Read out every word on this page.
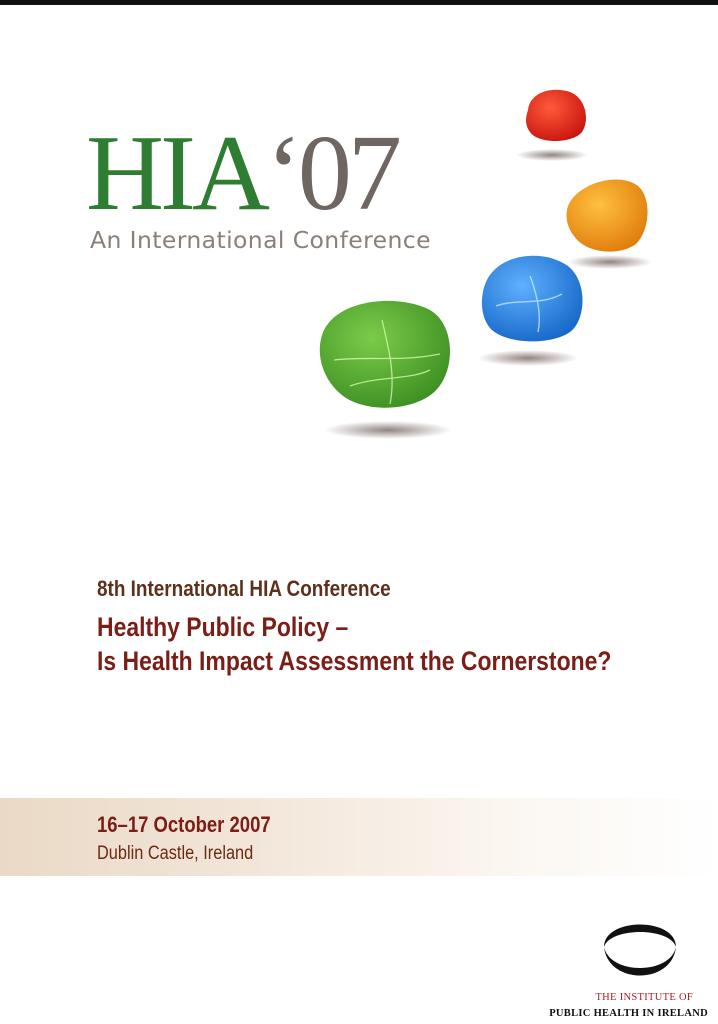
HIA‘07
An International Conference
8th International HIA Conference
Healthy Public Policy –
Is Health Impact Assessment the Cornerstone?
16–17 October 2007
Dublin Castle, Ireland
THE INSTITUTE OF
PUBLIC HEALTH IN IRELAND
